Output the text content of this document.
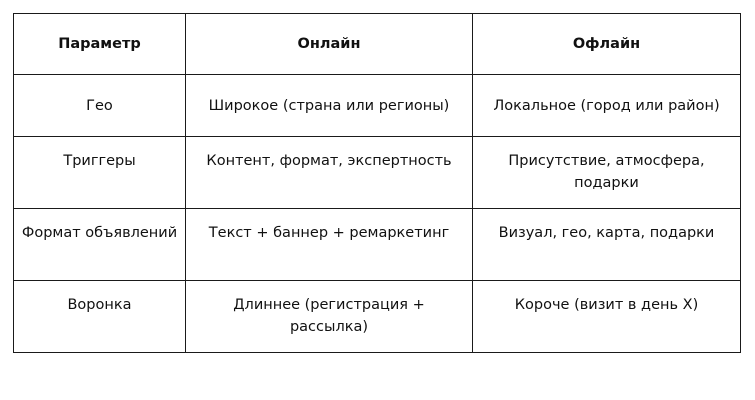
Параметр	Онлайн	Офлайн
Гео	Широкое (страна или регионы)	Локальное (город или район)
Триггеры	Контент, формат, экспертность	Присутствие, атмосфера, подарки
Формат объявлений	Текст + баннер + ремаркетинг	Визуал, гео, карта, подарки
Воронка	Длиннее (регистрация + рассылка)	Короче (визит в день Х)
